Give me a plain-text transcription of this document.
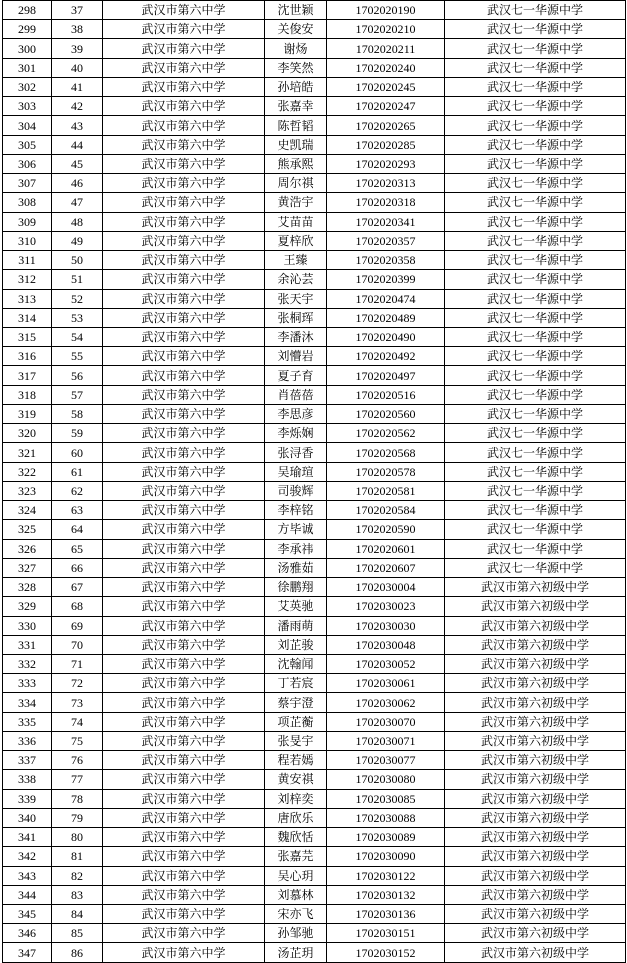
298	37	武汉市第六中学	沈世颖	1702020190	武汉七一华源中学
299	38	武汉市第六中学	关俊安	1702020210	武汉七一华源中学
300	39	武汉市第六中学	谢炀	1702020211	武汉七一华源中学
301	40	武汉市第六中学	李笑然	1702020240	武汉七一华源中学
302	41	武汉市第六中学	孙培皓	1702020245	武汉七一华源中学
303	42	武汉市第六中学	张嘉幸	1702020247	武汉七一华源中学
304	43	武汉市第六中学	陈哲韬	1702020265	武汉七一华源中学
305	44	武汉市第六中学	史凯瑞	1702020285	武汉七一华源中学
306	45	武汉市第六中学	熊承熙	1702020293	武汉七一华源中学
307	46	武汉市第六中学	周尔祺	1702020313	武汉七一华源中学
308	47	武汉市第六中学	黄浩宇	1702020318	武汉七一华源中学
309	48	武汉市第六中学	艾苗苗	1702020341	武汉七一华源中学
310	49	武汉市第六中学	夏梓欣	1702020357	武汉七一华源中学
311	50	武汉市第六中学	王臻	1702020358	武汉七一华源中学
312	51	武汉市第六中学	余沁芸	1702020399	武汉七一华源中学
313	52	武汉市第六中学	张天宇	1702020474	武汉七一华源中学
314	53	武汉市第六中学	张桐珲	1702020489	武汉七一华源中学
315	54	武汉市第六中学	李潘沐	1702020490	武汉七一华源中学
316	55	武汉市第六中学	刘懵岩	1702020492	武汉七一华源中学
317	56	武汉市第六中学	夏子育	1702020497	武汉七一华源中学
318	57	武汉市第六中学	肖蓓蓓	1702020516	武汉七一华源中学
319	58	武汉市第六中学	李思彦	1702020560	武汉七一华源中学
320	59	武汉市第六中学	李烁娴	1702020562	武汉七一华源中学
321	60	武汉市第六中学	张浔香	1702020568	武汉七一华源中学
322	61	武汉市第六中学	吴瑜瑄	1702020578	武汉七一华源中学
323	62	武汉市第六中学	司骏辉	1702020581	武汉七一华源中学
324	63	武汉市第六中学	李梓铭	1702020584	武汉七一华源中学
325	64	武汉市第六中学	方毕诚	1702020590	武汉七一华源中学
326	65	武汉市第六中学	李承祎	1702020601	武汉七一华源中学
327	66	武汉市第六中学	汤雅茹	1702020607	武汉七一华源中学
328	67	武汉市第六中学	徐鹏翔	1702030004	武汉市第六初级中学
329	68	武汉市第六中学	艾英驰	1702030023	武汉市第六初级中学
330	69	武汉市第六中学	潘雨萌	1702030030	武汉市第六初级中学
331	70	武汉市第六中学	刘芷骏	1702030048	武汉市第六初级中学
332	71	武汉市第六中学	沈翰闻	1702030052	武汉市第六初级中学
333	72	武汉市第六中学	丁若宸	1702030061	武汉市第六初级中学
334	73	武汉市第六中学	蔡宇澄	1702030062	武汉市第六初级中学
335	74	武汉市第六中学	项芷蘅	1702030070	武汉市第六初级中学
336	75	武汉市第六中学	张旻宇	1702030071	武汉市第六初级中学
337	76	武汉市第六中学	程若嫣	1702030077	武汉市第六初级中学
338	77	武汉市第六中学	黄安祺	1702030080	武汉市第六初级中学
339	78	武汉市第六中学	刘梓奕	1702030085	武汉市第六初级中学
340	79	武汉市第六中学	唐欣乐	1702030088	武汉市第六初级中学
341	80	武汉市第六中学	魏欣恬	1702030089	武汉市第六初级中学
342	81	武汉市第六中学	张嘉芫	1702030090	武汉市第六初级中学
343	82	武汉市第六中学	吴心玥	1702030122	武汉市第六初级中学
344	83	武汉市第六中学	刘慕林	1702030132	武汉市第六初级中学
345	84	武汉市第六中学	宋亦飞	1702030136	武汉市第六初级中学
346	85	武汉市第六中学	孙邹驰	1702030151	武汉市第六初级中学
347	86	武汉市第六中学	汤芷玥	1702030152	武汉市第六初级中学
